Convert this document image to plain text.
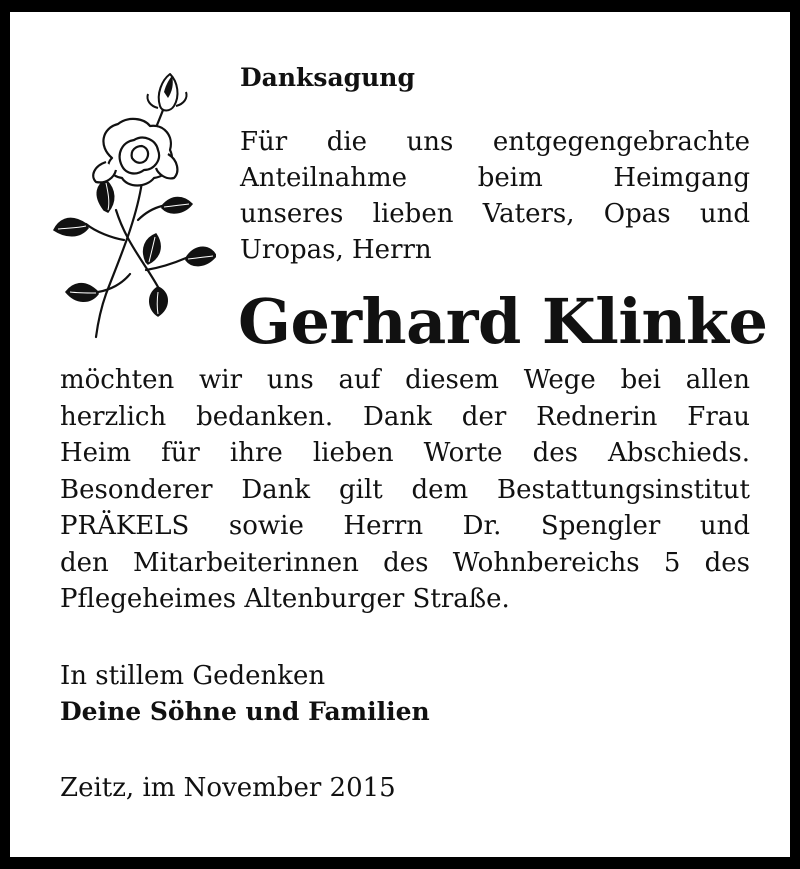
Danksagung
Für die uns entgegengebrachte
Anteilnahme beim Heimgang
unseres lieben Vaters, Opas und
Uropas, Herrn
Gerhard Klinke
möchten wir uns auf diesem Wege bei allen
herzlich bedanken. Dank der Rednerin Frau
Heim für ihre lieben Worte des Abschieds.
Besonderer Dank gilt dem Bestattungsinstitut
PRÄKELS sowie Herrn Dr. Spengler und
den Mitarbeiterinnen des Wohnbereichs 5 des
Pflegeheimes Altenburger Straße.
In stillem Gedenken
Deine Söhne und Familien
Zeitz, im November 2015
